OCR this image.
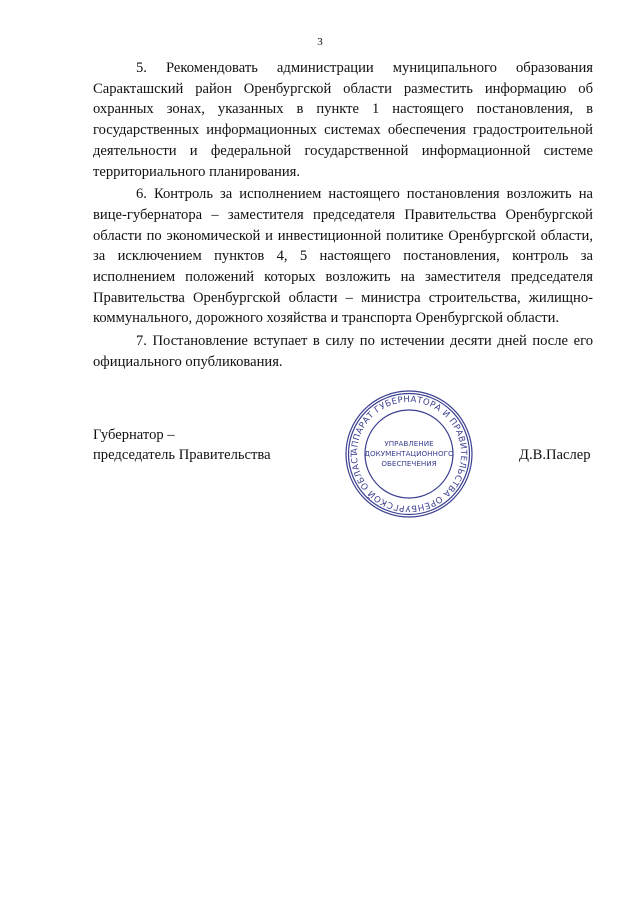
3

5. Рекомендовать администрации муниципального образования Саракташский район Оренбургской области разместить информацию об охранных зонах, указанных в пункте 1 настоящего постановления, в государственных информационных системах обеспечения градостроительной деятельности и федеральной государственной информационной системе территориального планирования.

6. Контроль за исполнением настоящего постановления возложить на вице-губернатора – заместителя председателя Правительства Оренбургской области по экономической и инвестиционной политике Оренбургской области, за исключением пунктов 4, 5 настоящего постановления, контроль за исполнением положений которых возложить на заместителя председателя Правительства Оренбургской области – министра строительства, жилищно-коммунального, дорожного хозяйства и транспорта Оренбургской области.

7. Постановление вступает в силу по истечении десяти дней после его официального опубликования.

Губернатор –
председатель Правительства	Д.В.Паслер
АППАРАТ ГУБЕРНАТОРА И ПРАВИТЕЛЬСТВА ОРЕНБУРГСКОЙ ОБЛАСТ
УПРАВЛЕНИЕ
ДОКУМЕНТАЦИОННОГО
ОБЕСПЕЧЕНИЯ
